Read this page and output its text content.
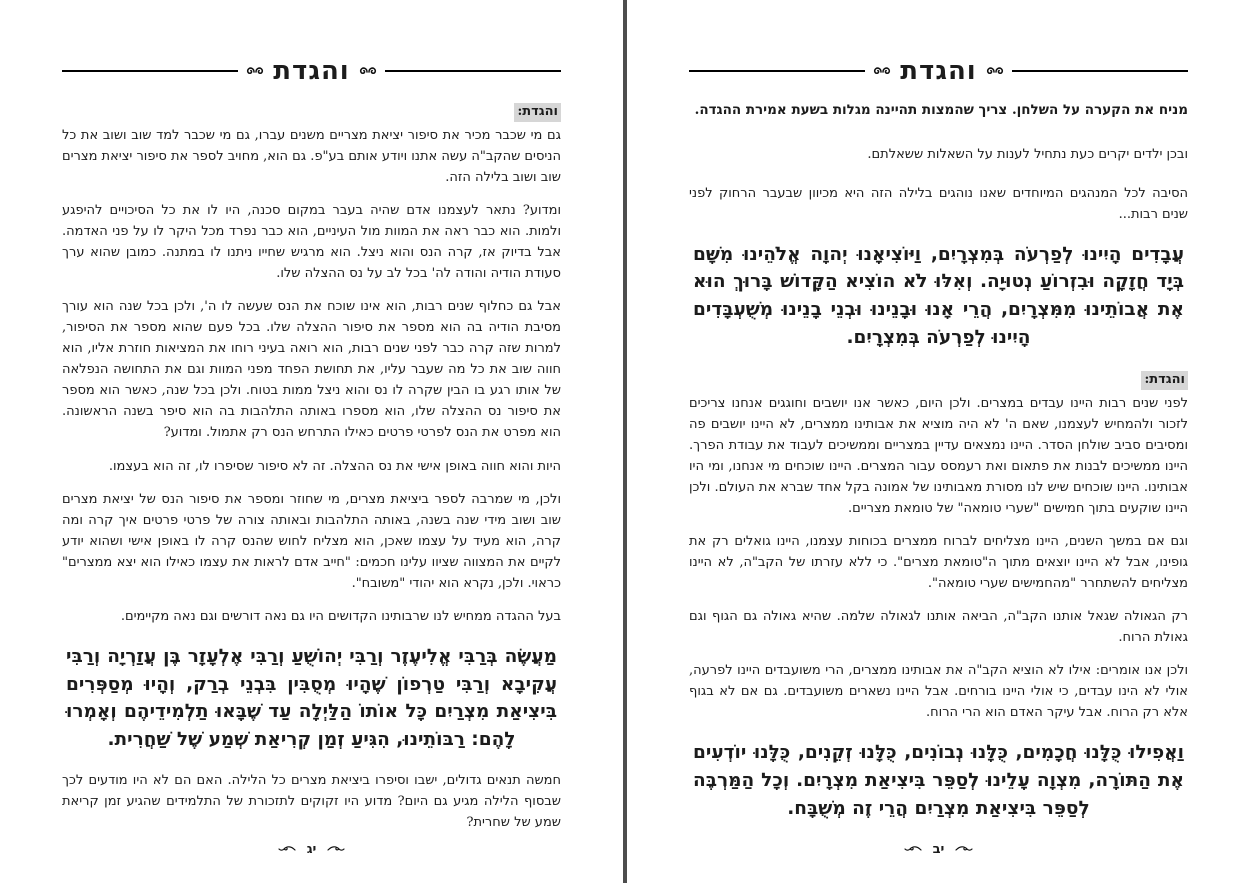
והגדת
והגדת:

גם מי שכבר מכיר את סיפור יציאת מצריים משנים עברו, גם מי שכבר למד שוב ושוב את כל הניסים שהקב"ה עשה אתנו ויודע אותם בע"פ. גם הוא, מחויב לספר את סיפור יציאת מצרים שוב ושוב בלילה הזה.

ומדוע? נתאר לעצמנו אדם שהיה בעבר במקום סכנה, היו לו את כל הסיכויים להיפגע ולמות. הוא כבר ראה את המוות מול העיניים, הוא כבר נפרד מכל היקר לו על פני האדמה. אבל בדיוק אז, קרה הנס והוא ניצל. הוא מרגיש שחייו ניתנו לו במתנה. כמובן שהוא ערך סעודת הודיה והודה לה' בכל לב על נס ההצלה שלו.

אבל גם כחלוף שנים רבות, הוא אינו שוכח את הנס שעשה לו ה', ולכן בכל שנה הוא עורך מסיבת הודיה בה הוא מספר את סיפור ההצלה שלו. בכל פעם שהוא מספר את הסיפור, למרות שזה קרה כבר לפני שנים רבות, הוא רואה בעיני רוחו את המציאות חוזרת אליו, הוא חווה שוב את כל מה שעבר עליו, את תחושת הפחד מפני המוות וגם את התחושה הנפלאה של אותו רגע בו הבין שקרה לו נס והוא ניצל ממות בטוח. ולכן בכל שנה, כאשר הוא מספר את סיפור נס ההצלה שלו, הוא מספרו באותה התלהבות בה הוא סיפר בשנה הראשונה. הוא מפרט את הנס לפרטי פרטים כאילו התרחש הנס רק אתמול. ומדוע?

היות והוא חווה באופן אישי את נס ההצלה. זה לא סיפור שסיפרו לו, זה הוא בעצמו.

ולכן, מי שמרבה לספר ביציאת מצרים, מי שחוזר ומספר את סיפור הנס של יציאת מצרים שוב ושוב מידי שנה בשנה, באותה התלהבות ובאותה צורה של פרטי פרטים איך קרה ומה קרה, הוא מעיד על עצמו שאכן, הוא מצליח לחוש שהנס קרה לו באופן אישי ושהוא יודע לקיים את המצווה שציוו עלינו חכמים: "חייב אדם לראות את עצמו כאילו הוא יצא ממצרים" כראוי. ולכן, נקרא הוא יהודי "משובח".

בעל ההגדה ממחיש לנו שרבותינו הקדושים היו גם נאה דורשים וגם נאה מקיימים.

מַעֲשֶׂה בְּרַבִּי אֱלִיעֶזֶר וְרַבִּי יְהוֹשֻׁעַ וְרַבִּי אֶלְעָזָר בֶּן עֲזַרְיָה וְרַבִּי עֲקִיבָא וְרַבִּי טַרְפוֹן שֶׁהָיוּ מְסֻבִּין בִּבְנֵי בְרַק, וְהָיוּ מְסַפְּרִים בִּיצִיאַת מִצְרַיִם כָּל אוֹתוֹ הַלַּיְלָה עַד שֶׁבָּאוּ תַלְמִידֵיהֶם וְאָמְרוּ לָהֶם: רַבּוֹתֵינוּ, הִגִּיעַ זְמַן קְרִיאַת שְׁמַע שֶׁל שַׁחֲרִית.

חמשה תנאים גדולים, ישבו וסיפרו ביציאת מצרים כל הלילה. האם הם לא היו מודעים לכך שבסוף הלילה מגיע גם היום? מדוע היו זקוקים לתזכורת של התלמידים שהגיע זמן קריאת שמע של שחרית?

יג
והגדת

מניח את הקערה על השלחן. צריך שהמצות תהיינה מגלות בשעת אמירת ההגדה.

ובכן ילדים יקרים כעת נתחיל לענות על השאלות ששאלתם.

הסיבה לכל המנהגים המיוחדים שאנו נוהגים בלילה הזה היא מכיוון שבעבר הרחוק לפני שנים רבות...

עֲבָדִים הָיִינוּ לְפַרְעֹה בְּמִצְרָיִם, וַיּוֹצִיאָנוּ יְהוָה אֱלֹהֵינוּ מִשָּׁם בְּיָד חֲזָקָה וּבִזְרוֹעַ נְטוּיָה. וְאִלּוּ לֹא הוֹצִיא הַקָּדוֹשׁ בָּרוּךְ הוּא אֶת אֲבוֹתֵינוּ מִמִּצְרָיִם, הֲרֵי אָנוּ וּבָנֵינוּ וּבְנֵי בָנֵינוּ מְשֻׁעְבָּדִים הָיִינוּ לְפַרְעֹה בְּמִצְרָיִם.
והגדת:

לפני שנים רבות היינו עבדים במצרים. ולכן היום, כאשר אנו יושבים וחוגגים אנחנו צריכים לזכור ולהמחיש לעצמנו, שאם ה' לא היה מוציא את אבותינו ממצרים, לא היינו יושבים פה ומסיבים סביב שולחן הסדר. היינו נמצאים עדיין במצריים וממשיכים לעבוד את עבודת הפרך. היינו ממשיכים לבנות את פתאום ואת רעמסס עבור המצרים. היינו שוכחים מי אנחנו, ומי היו אבותינו. היינו שוכחים שיש לנו מסורת מאבותינו של אמונה בקל אחד שברא את העולם. ולכן היינו שוקעים בתוך חמישים "שערי טומאה" של טומאת מצריים.

וגם אם במשך השנים, היינו מצליחים לברוח ממצרים בכוחות עצמנו, היינו גואלים רק את גופינו, אבל לא היינו יוצאים מתוך ה"טומאת מצרים". כי ללא עזרתו של הקב"ה, לא היינו מצליחים להשתחרר "מהחמישים שערי טומאה".

רק הגאולה שגאל אותנו הקב"ה, הביאה אותנו לגאולה שלמה. שהיא גאולה גם הגוף וגם גאולת הרוח.

ולכן אנו אומרים: אילו לא הוציא הקב"ה את אבותינו ממצרים, הרי משועבדים היינו לפרעה, אולי לא הינו עבדים, כי אולי היינו בורחים. אבל היינו נשארים משועבדים. גם אם לא בגוף אלא רק הרוח. אבל עיקר האדם הוא הרי הרוח.

וַאֲפִילוּ כֻּלָּנוּ חֲכָמִים, כֻּלָּנוּ נְבוֹנִים, כֻּלָּנוּ זְקֵנִים, כֻּלָּנוּ יוֹדְעִים אֶת הַתּוֹרָה, מִצְוָה עָלֵינוּ לְסַפֵּר בִּיצִיאַת מִצְרָיִם. וְכָל הַמַּרְבֶּה לְסַפֵּר בִּיצִיאַת מִצְרַיִם הֲרֵי זֶה מְשֻׁבָּח.
יב
